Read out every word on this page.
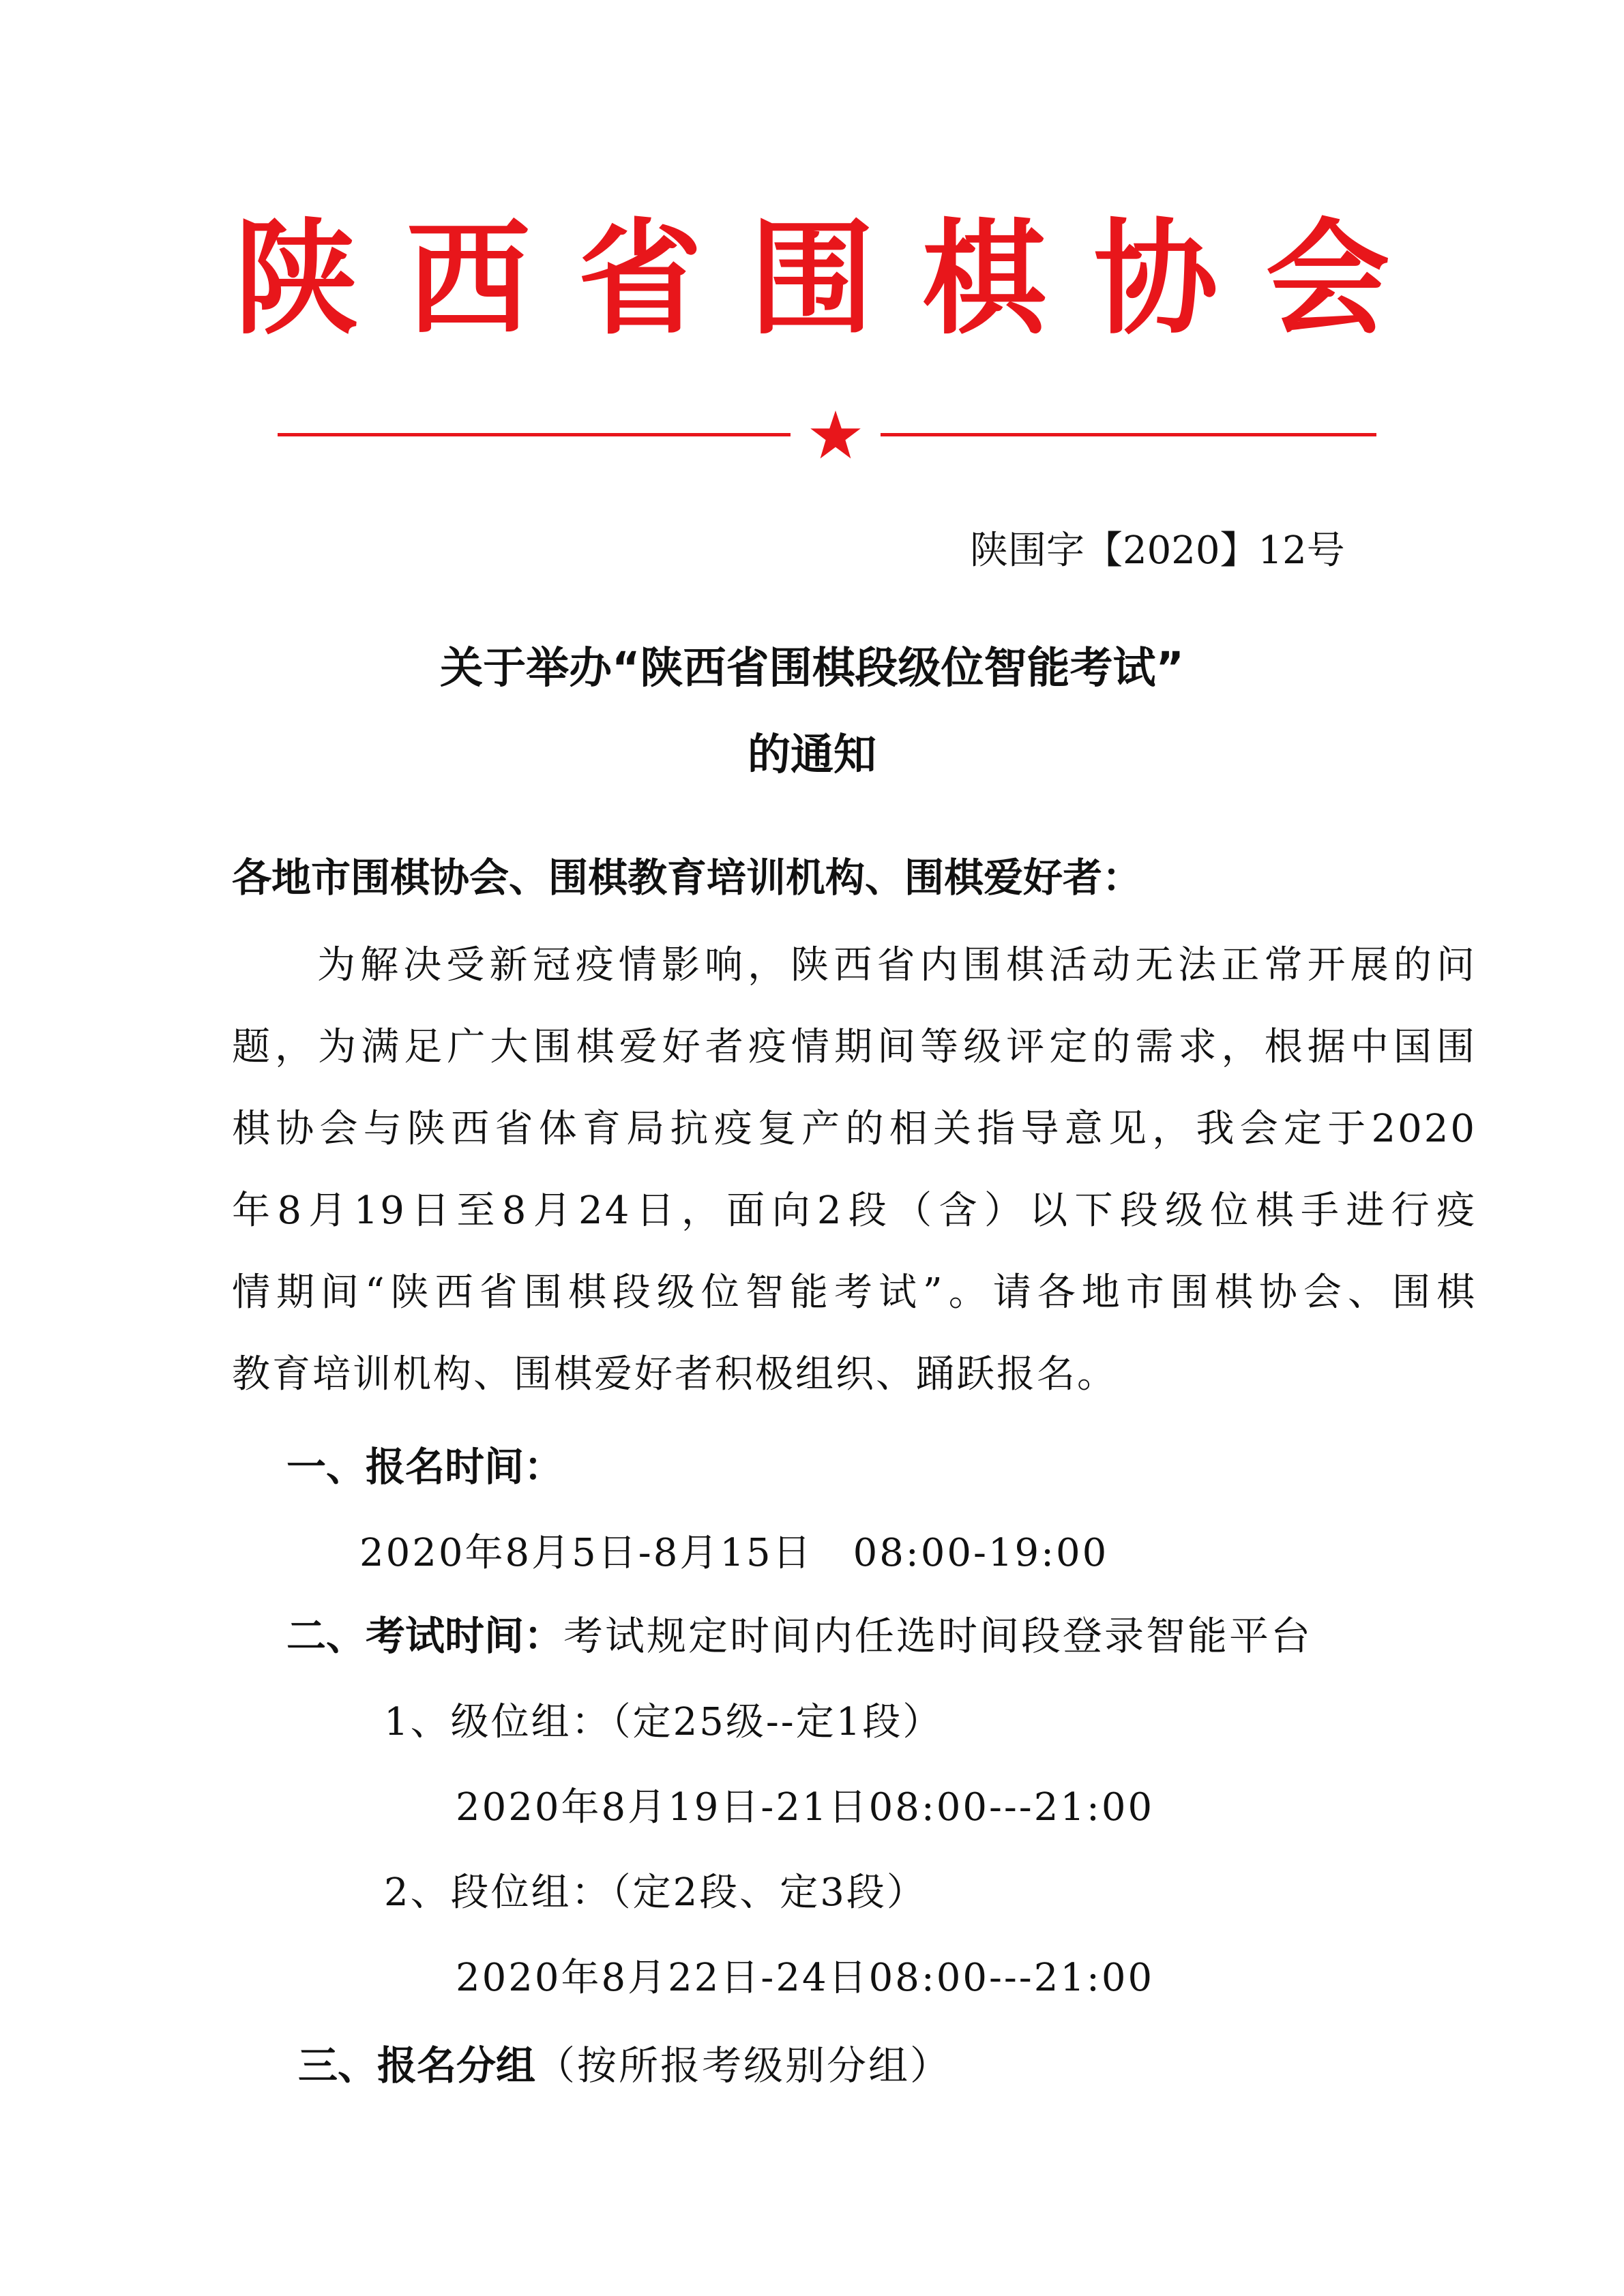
陕西省围棋协会
陕围字【2020】12号
关于举办“陕西省围棋段级位智能考试”
的通知
各地市围棋协会、围棋教育培训机构、围棋爱好者：
为解决受新冠疫情影响，陕西省内围棋活动无法正常开展的问
题，为满足广大围棋爱好者疫情期间等级评定的需求，根据中国围
棋协会与陕西省体育局抗疫复产的相关指导意见，我会定于2020
年8月19日至8月24日，面向2段（含）以下段级位棋手进行疫
情期间“陕西省围棋段级位智能考试”。请各地市围棋协会、围棋
教育培训机构、围棋爱好者积极组织、踊跃报名。
一、报名时间：
2020年8月5日-8月15日　08:00-19:00
二、考试时间：考试规定时间内任选时间段登录智能平台
1、级位组：（定25级--定1段）
2020年8月19日-21日08:00---21:00
2、段位组：（定2段、定3段）
2020年8月22日-24日08:00---21:00
三、报名分组（按所报考级别分组）
